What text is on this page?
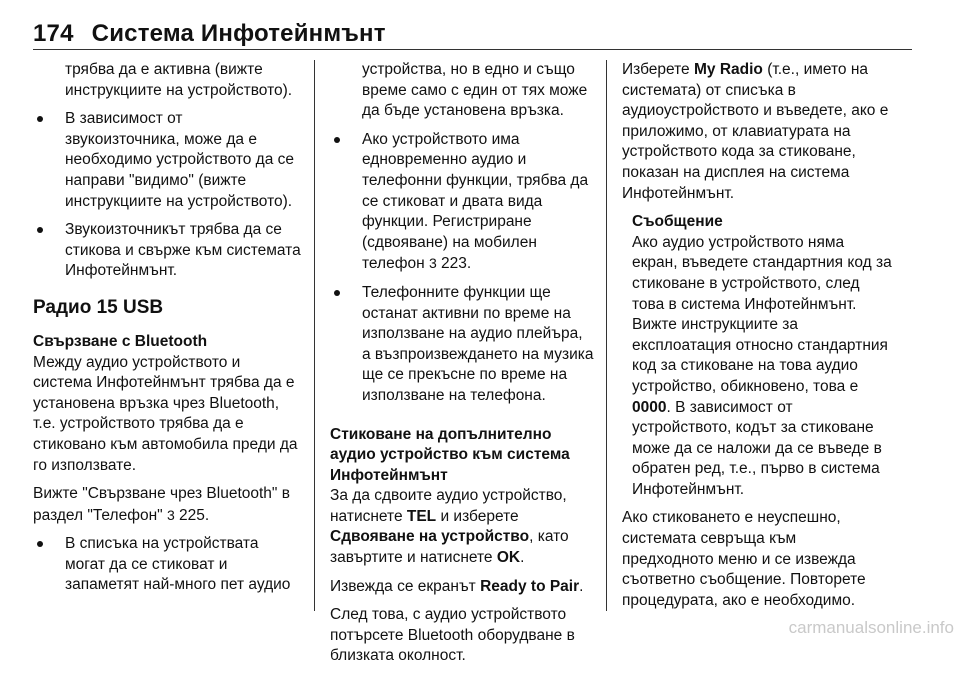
174 Система Инфотейнмънт

трябва да е активна (вижте инструкциите на устройството).

В зависимост от звукоизточника, може да е необходимо устройството да се направи "видимо" (вижте инструкциите на устройството).

Звукоизточникът трябва да се стикова и свърже към системата Инфотейнмънт.

Радио 15 USB

Свързване с Bluetooth

Между аудио устройството и система Инфотейнмънт трябва да е установена връзка чрез Bluetooth, т.е. устройството трябва да е стиковано към автомобила преди да го използвате.

Вижте "Свързване чрез Bluetooth" в раздел "Телефон" 3 225.

В списъка на устройствата могат да се стиковат и запаметят най-много пет аудио

устройства, но в едно и също време само с един от тях може да бъде установена връзка.

Ако устройството има едновременно аудио и телефонни функции, трябва да се стиковат и двата вида функции. Регистриране (сдвояване) на мобилен телефон 3 223.

Телефонните функции ще останат активни по време на използване на аудио плейъра, а възпроизвеждането на музика ще се прекъсне по време на използване на телефона.

Стиковане на допълнително аудио устройство към система Инфотейнмънт

За да сдвоите аудио устройство, натиснете TEL и изберете Сдвояване на устройство, като завъртите и натиснете OK.

Извежда се екранът Ready to Pair.

След това, с аудио устройството потърсете Bluetooth оборудване в близката околност.

Изберете My Radio (т.е., името на системата) от списъка в аудиоустройството и въведете, ако е приложимо, от клавиатурата на устройството кода за стиковане, показан на дисплея на система Инфотейнмънт.

Съобщение

Ако аудио устройството няма екран, въведете стандартния код за стиковане в устройството, след това в система Инфотейнмънт. Вижте инструкциите за експлоатация относно стандартния код за стиковане на това аудио устройство, обикновено, това е 0000. В зависимост от устройството, кодът за стиковане може да се наложи да се въведе в обратен ред, т.е., първо в система Инфотейнмънт.

Ако стиковането е неуспешно, системата севръща към предходното меню и се извежда съответно съобщение. Повторете процедурата, ако е необходимо.

carmanualsonline.info
